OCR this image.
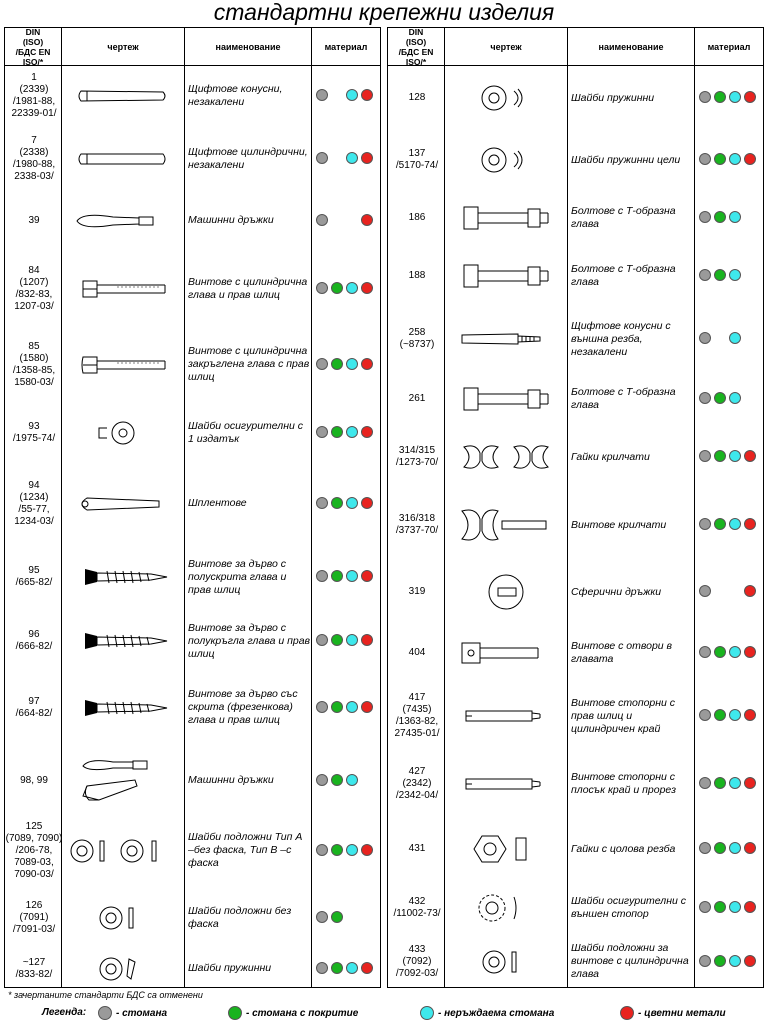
стандартни крепежни изделия
DIN
(ISO)
/БДС EN ISO/*
чертеж	наименование	материал
1
(2339)
/1981-88,
22339-01/
Щифтове конусни, незакалени
7
(2338)
/1980-88,
2338-03/
Щифтове цилиндрични, незакалени
39	Машинни дръжки
84
(1207)
/832-83,
1207-03/
Винтове с цилиндрична глава и прав шлиц
85
(1580)
/1358-85,
1580-03/
Винтове с цилиндрична закръглена глава с прав шлиц
93
/1975-74/
Шайби осигурителни с 1 издатък
94
(1234)
/55-77,
1234-03/
Шплентове
95
/665-82/
Винтове за дърво с полускрита глава и прав шлиц
96
/666-82/
Винтове за дърво с полукръгла глава и прав шлиц
97
/664-82/
Винтове за дърво със скрита (фрезенкова) глава и прав шлиц
98, 99	Машинни дръжки
125
(7089, 7090)
/206-78,
7089-03,
7090-03/
Шайби подложни Тип А –без фаска, Тип В –с фаска
126
(7091)
/7091-03/
Шайби подложни без фаска
~127
/833-82/	Шайби пружинни
DIN
(ISO)
/БДС EN ISO/*
чертеж	наименование	материал
128	Шайби пружинни
137
/5170-74/	Шайби пружинни цели
186
Болтове с Т-образна глава
188
Болтове с Т-образна глава
258
(~8737)
Щифтове конусни с външна резба, незакалени
261
Болтове с Т-образна глава
314/315
/1273-70/	Гайки крилчати
316/318
/3737-70/	Винтове крилчати
319	Сферични дръжки
404
Винтове с отвори в главата
417
(7435)
/1363-82,
27435-01/
Винтове стопорни с прав шлиц и цилиндричен край
427
(2342)
/2342-04/
Винтове стопорни с плосък край и прорез
431	Гайки с цолова резба
432
/11002-73/
Шайби осигурителни с външен стопор
433
(7092)
/7092-03/
Шайби подложни за винтове с цилиндрична глава
* зачертаните стандарти БДС са отменени
Легенда:	- стомана	- стомана с покритие	- неръждаема стомана	- цветни метали
